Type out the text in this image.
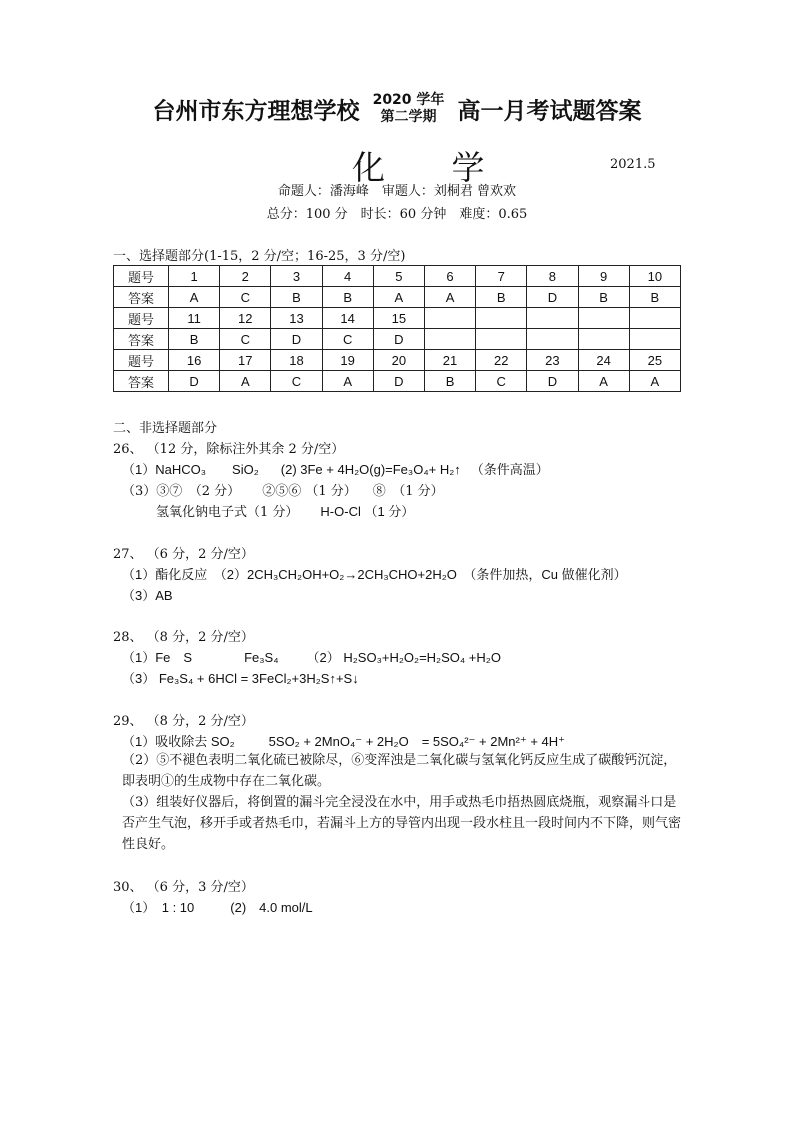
台州市东方理想学校 2020 学年
第二学期 高一月考试题答案
化 学	2021.5
命题人：潘海峰　审题人：刘桐君 曾欢欢
总分：100 分　时长：60 分钟　难度：0.65
一、选择题部分(1-15，2 分/空；16-25，3 分/空)
题号	1	2	3	4	5	6	7	8	9	10
答案	A	C	B	B	A	A	B	D	B	B
题号	11	12	13	14	15					
答案	B	C	D	C	D					
题号	16	17	18	19	20	21	22	23	24	25
答案	D	A	C	A	D	B	C	D	A	A
二、非选择题部分
26、 （12 分，除标注外其余 2 分/空）
（1）NaHCO₃ SiO₂ (2) 3Fe + 4H₂O(g)=Fe₃O₄+ H₂↑ （条件高温）
（3）③⑦　（2 分） ②⑤⑥ （1 分） ⑧　（1 分）
氢氧化钠电子式（1 分） H-O-Cl （1 分）
27、 （6 分，2 分/空）
（1）酯化反应　（2）2CH₃CH₂OH+O₂→2CH₃CHO+2H₂O　（条件加热，Cu 做催化剂）
（3）AB
28、 （8 分，2 分/空）
（1）Fe　S	Fe₃S₄ （2） H₂SO₃+H₂O₂=H₂SO₄ +H₂O
（3） Fe₃S₄ + 6HCl = 3FeCl₂+3H₂S↑+S↓
29、 （8 分，2 分/空）
（1）吸收除去 SO₂	5SO₂ + 2MnO₄⁻ + 2H₂O　= 5SO₄²⁻ + 2Mn²⁺ + 4H⁺
（2）⑤不褪色表明二氧化硫已被除尽，⑥变浑浊是二氧化碳与氢氧化钙反应生成了碳酸钙沉淀，即表明①的生成物中存在二氧化碳。
（3）组装好仪器后，将倒置的漏斗完全浸没在水中，用手或热毛巾捂热圆底烧瓶，观察漏斗口是否产生气泡，移开手或者热毛巾，若漏斗上方的导管内出现一段水柱且一段时间内不下降，则气密性良好。
30、 （6 分，3 分/空）
（1）　1 : 10	(2)　4.0 mol/L
